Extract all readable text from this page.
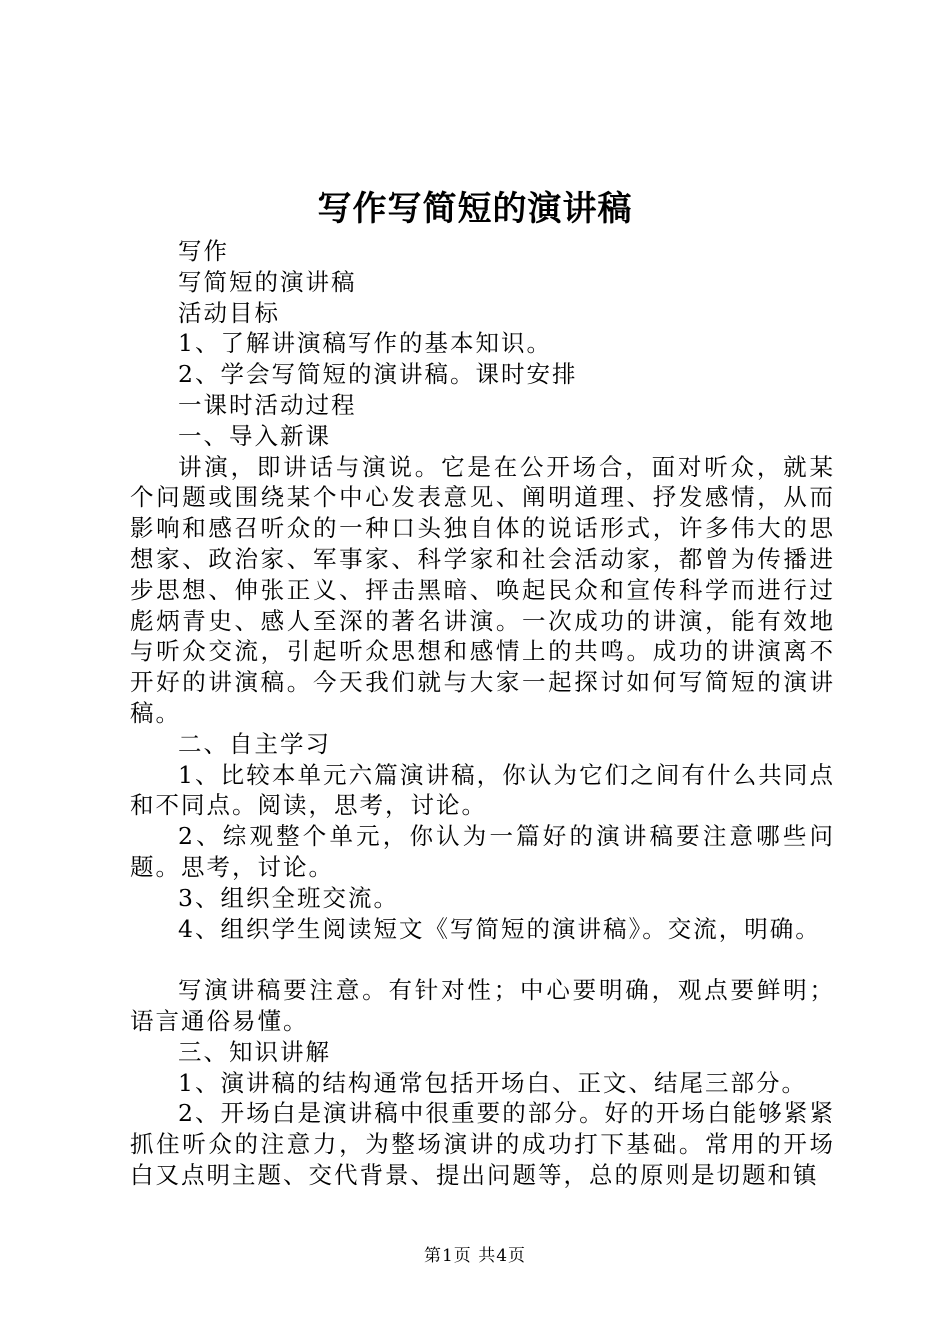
写作写简短的演讲稿

写作

写简短的演讲稿

活动目标

1、了解讲演稿写作的基本知识。

2、学会写简短的演讲稿。课时安排

一课时活动过程

一、导入新课

讲演，即讲话与演说。它是在公开场合，面对听众，就某个问题或围绕某个中心发表意见、阐明道理、抒发感情，从而影响和感召听众的一种口头独自体的说话形式，许多伟大的思想家、政治家、军事家、科学家和社会活动家，都曾为传播进步思想、伸张正义、抨击黑暗、唤起民众和宣传科学而进行过彪炳青史、感人至深的著名讲演。一次成功的讲演，能有效地与听众交流，引起听众思想和感情上的共鸣。成功的讲演离不开好的讲演稿。今天我们就与大家一起探讨如何写简短的演讲稿。

二、自主学习

1、比较本单元六篇演讲稿，你认为它们之间有什么共同点和不同点。阅读，思考，讨论。

2、综观整个单元，你认为一篇好的演讲稿要注意哪些问题。思考，讨论。

3、组织全班交流。

4、组织学生阅读短文《写简短的演讲稿》。交流，明确。

写演讲稿要注意。有针对性；中心要明确，观点要鲜明；语言通俗易懂。

三、知识讲解

1、演讲稿的结构通常包括开场白、正文、结尾三部分。

2、开场白是演讲稿中很重要的部分。好的开场白能够紧紧抓住听众的注意力，为整场演讲的成功打下基础。常用的开场白又点明主题、交代背景、提出问题等，总的原则是切题和镇

第1页 共4页
